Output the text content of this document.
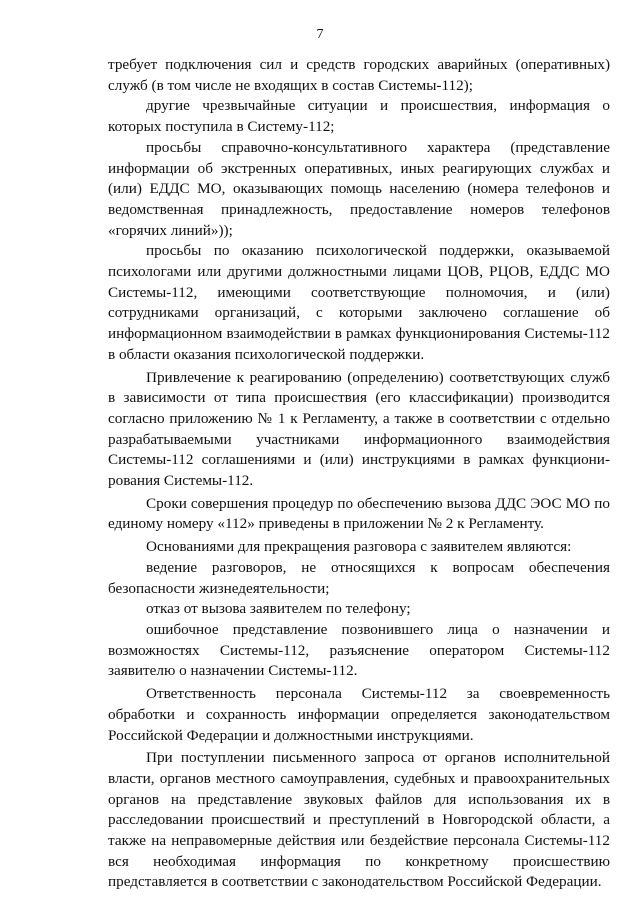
7

требует подключения сил и средств городских аварийных (оперативных) служб (в том числе не входящих в состав Системы-112);

другие чрезвычайные ситуации и происшествия, информация о которых поступила в Систему-112;

просьбы справочно-консультативного характера (представление информации об экстренных оперативных, иных реагирующих службах и (или) ЕДДС МО, оказывающих помощь населению (номера телефонов и ведомственная принадлежность, предоставление номеров телефонов «горячих линий»));

просьбы по оказанию психологической поддержки, оказываемой психологами или другими должностными лицами ЦОВ, РЦОВ, ЕДДС МО Системы-112, имеющими соответствующие полномочия, и (или) сотрудниками организаций, с которыми заключено соглашение об информационном взаимодействии в рамках функционирования Системы-112 в области оказания психологической поддержки.

Привлечение к реагированию (определению) соответствующих служб в зависимости от типа происшествия (его классификации) производится согласно приложению № 1 к Регламенту, а также в соответствии с отдельно разрабатываемыми участниками информационного взаимодействия Системы-112 соглашениями и (или) инструкциями в рамках функционирования Системы-112.

Сроки совершения процедур по обеспечению вызова ДДС ЭОС МО по единому номеру «112» приведены в приложении № 2 к Регламенту.

Основаниями для прекращения разговора с заявителем являются:

ведение разговоров, не относящихся к вопросам обеспечения безопасности жизнедеятельности;

отказ от вызова заявителем по телефону;

ошибочное представление позвонившего лица о назначении и возможностях Системы-112, разъяснение оператором Системы-112 заявителю о назначении Системы-112.

Ответственность персонала Системы-112 за своевременность обработки и сохранность информации определяется законодательством Российской Федерации и должностными инструкциями.

При поступлении письменного запроса от органов исполнительной власти, органов местного самоуправления, судебных и правоохранительных органов на представление звуковых файлов для использования их в расследовании происшествий и преступлений в Новгородской области, а также на неправомерные действия или бездействие персонала Системы-112 вся необходимая информация по конкретному происшествию представляется в соответствии с законодательством Российской Федерации.
